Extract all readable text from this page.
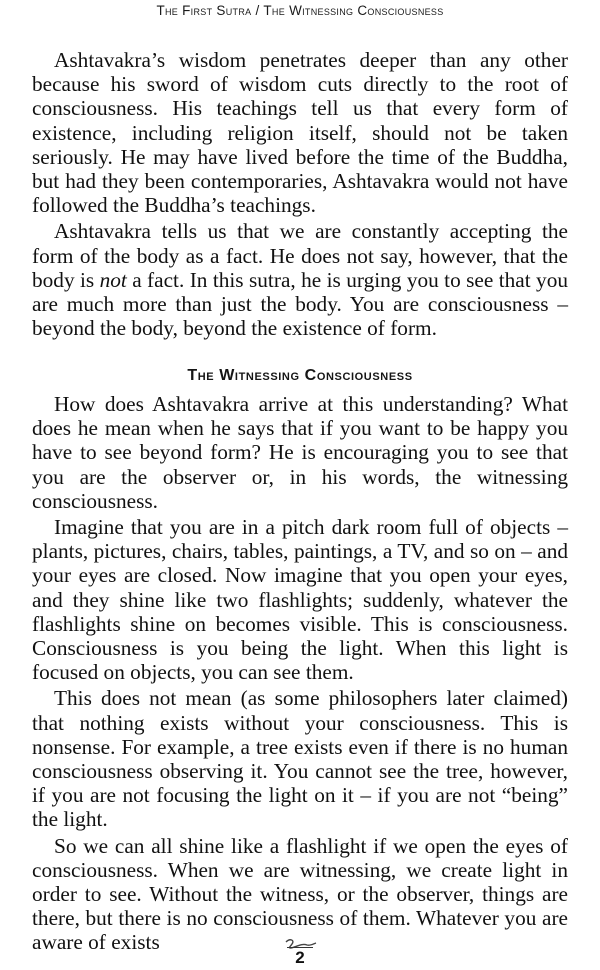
The First Sutra / The Witnessing Consciousness

Ashtavakra’s wisdom penetrates deeper than any other because his sword of wisdom cuts directly to the root of consciousness. His teachings tell us that every form of existence, including religion itself, should not be taken seriously. He may have lived before the time of the Buddha, but had they been contemporaries, Ashtavakra would not have followed the Buddha’s teachings.

Ashtavakra tells us that we are constantly accepting the form of the body as a fact. He does not say, however, that the body is not a fact. In this sutra, he is urging you to see that you are much more than just the body. You are consciousness – beyond the body, beyond the existence of form.

The Witnessing Consciousness

How does Ashtavakra arrive at this understanding? What does he mean when he says that if you want to be happy you have to see beyond form? He is encouraging you to see that you are the observer or, in his words, the witnessing consciousness.

Imagine that you are in a pitch dark room full of objects – plants, pictures, chairs, tables, paintings, a TV, and so on – and your eyes are closed. Now imagine that you open your eyes, and they shine like two flashlights; suddenly, whatever the flashlights shine on becomes visible. This is consciousness. Consciousness is you being the light. When this light is focused on objects, you can see them.

This does not mean (as some philosophers later claimed) that nothing exists without your consciousness. This is nonsense. For example, a tree exists even if there is no human consciousness observing it. You cannot see the tree, however, if you are not focusing the light on it – if you are not “being” the light.

So we can all shine like a flashlight if we open the eyes of consciousness. When we are witnessing, we create light in order to see. Without the witness, or the observer, things are there, but there is no consciousness of them. Whatever you are aware of exists

2
